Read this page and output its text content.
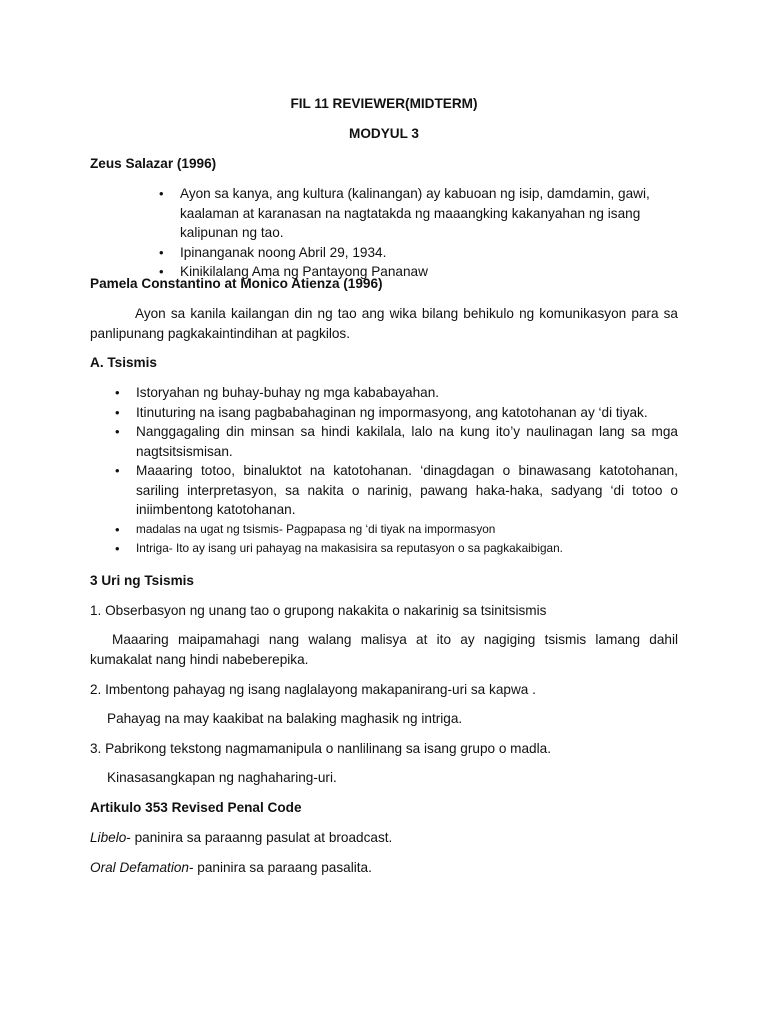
FIL 11 REVIEWER(MIDTERM)
MODYUL 3
Zeus Salazar (1996)
• Ayon sa kanya, ang kultura (kalinangan) ay kabuoan ng isip, damdamin, gawi, kaalaman at karanasan na nagtatakda ng maaangking kakanyahan ng isang kalipunan ng tao.
• Ipinanganak noong Abril 29, 1934.
• Kinikilalang Ama ng Pantayong Pananaw
Pamela Constantino at Monico Atienza (1996)
Ayon sa kanila kailangan din ng tao ang wika bilang behikulo ng komunikasyon para sa panlipunang pagkakaintindihan at pagkilos.
A. Tsismis
• Istoryahan ng buhay-buhay ng mga kababayahan.
• Itinuturing na isang pagbabahaginan ng impormasyong, ang katotohanan ay ‘di tiyak.
• Nanggagaling din minsan sa hindi kakilala, lalo na kung ito’y naulinagan lang sa mga nagtsitsismisan.
• Maaaring totoo, binaluktot na katotohanan. ‘dinagdagan o binawasang katotohanan, sariling interpretasyon, sa nakita o narinig, pawang haka-haka, sadyang ‘di totoo o iniimbentong katotohanan.
• madalas na ugat ng tsismis- Pagpapasa ng ‘di tiyak na impormasyon
• Intriga- Ito ay isang uri pahayag na makasisira sa reputasyon o sa pagkakaibigan.
3 Uri ng Tsismis
1. Obserbasyon ng unang tao o grupong nakakita o nakarinig sa tsinitsismis
Maaaring maipamahagi nang walang malisya at ito ay nagiging tsismis lamang dahil kumakalat nang hindi nabeberepika.
2. Imbentong pahayag ng isang naglalayong makapanirang-uri sa kapwa .
Pahayag na may kaakibat na balaking maghasik ng intriga.
3. Pabrikong tekstong nagmamanipula o nanlilinang sa isang grupo o madla.
Kinasasangkapan ng naghaharing-uri.
Artikulo 353 Revised Penal Code
Libelo- paninira sa paraanng pasulat at broadcast.
Oral Defamation- paninira sa paraang pasalita.
